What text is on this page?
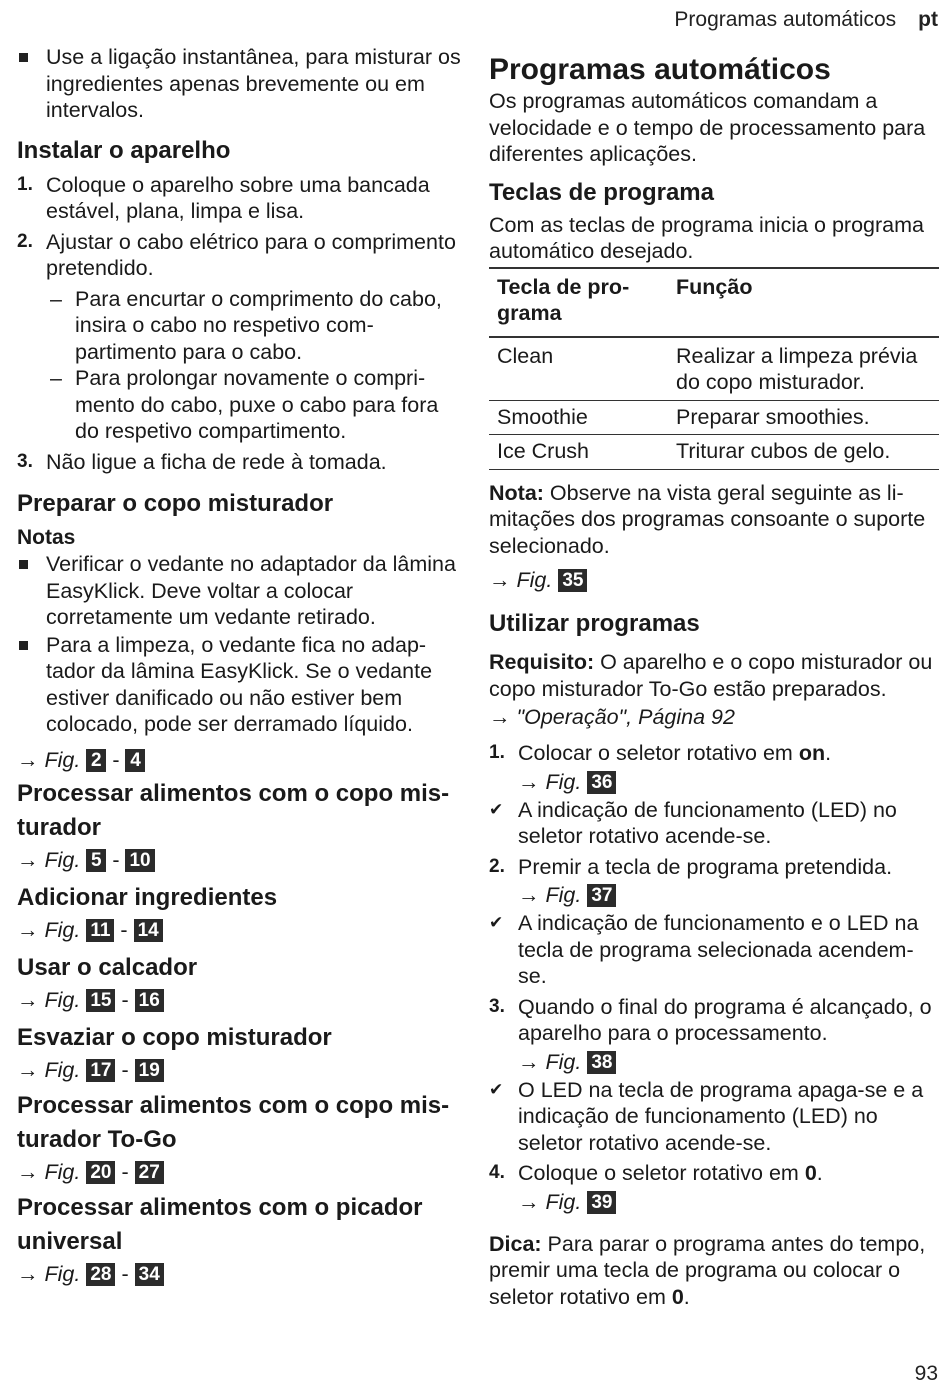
Programas automáticos pt

Use a ligação instantânea, para misturar os ingredientes apenas brevemente ou em intervalos.

Instalar o aparelho
1. Coloque o aparelho sobre uma bancada estável, plana, limpa e lisa.
2. Ajustar o cabo elétrico para o comprimento pretendido.
– Para encurtar o comprimento do cabo, insira o cabo no respetivo compartimento para o cabo.
– Para prolongar novamente o comprimento do cabo, puxe o cabo para fora do respetivo compartimento.
3. Não ligue a ficha de rede à tomada.
Preparar o copo misturador

Notas

Verificar o vedante no adaptador da lâmina EasyKlick. Deve voltar a colocar corretamente um vedante retirado.

Para a limpeza, o vedante fica no adaptador da lâmina EasyKlick. Se o vedante estiver danificado ou não estiver bem colocado, pode ser derramado líquido.

→ Fig. 2 - 4
Processar alimentos com o copo misturador
→ Fig. 5 - 10
Adicionar ingredientes
→ Fig. 11 - 14
Usar o calcador
→ Fig. 15 - 16
Esvaziar o copo misturador
→ Fig. 17 - 19
Processar alimentos com o copo misturador To-Go
→ Fig. 20 - 27
Processar alimentos com o picador universal
→ Fig. 28 - 34
Programas automáticos

Os programas automáticos comandam a velocidade e o tempo de processamento para diferentes aplicações.

Teclas de programa

Com as teclas de programa inicia o programa automático desejado.

Tecla de programa	Função
Clean	Realizar a limpeza prévia do copo misturador.
Smoothie	Preparar smoothies.
Ice Crush	Triturar cubos de gelo.

Nota: Observe na vista geral seguinte as limitações dos programas consoante o suporte selecionado.

→ Fig. 35
Utilizar programas

Requisito: O aparelho e o copo misturador ou copo misturador To-Go estão preparados.

→ "Operação", Página 92
1. Colocar o seletor rotativo em on.
→ Fig. 36
✔ A indicação de funcionamento (LED) no seletor rotativo acende-se.
2. Premir a tecla de programa pretendida.
→ Fig. 37
✔ A indicação de funcionamento e o LED na tecla de programa selecionada acendem-se.
3. Quando o final do programa é alcançado, o aparelho para o processamento.
→ Fig. 38
✔ O LED na tecla de programa apaga-se e a indicação de funcionamento (LED) no seletor rotativo acende-se.
4. Coloque o seletor rotativo em 0.
→ Fig. 39

Dica: Para parar o programa antes do tempo, premir uma tecla de programa ou colocar o seletor rotativo em 0.

93
